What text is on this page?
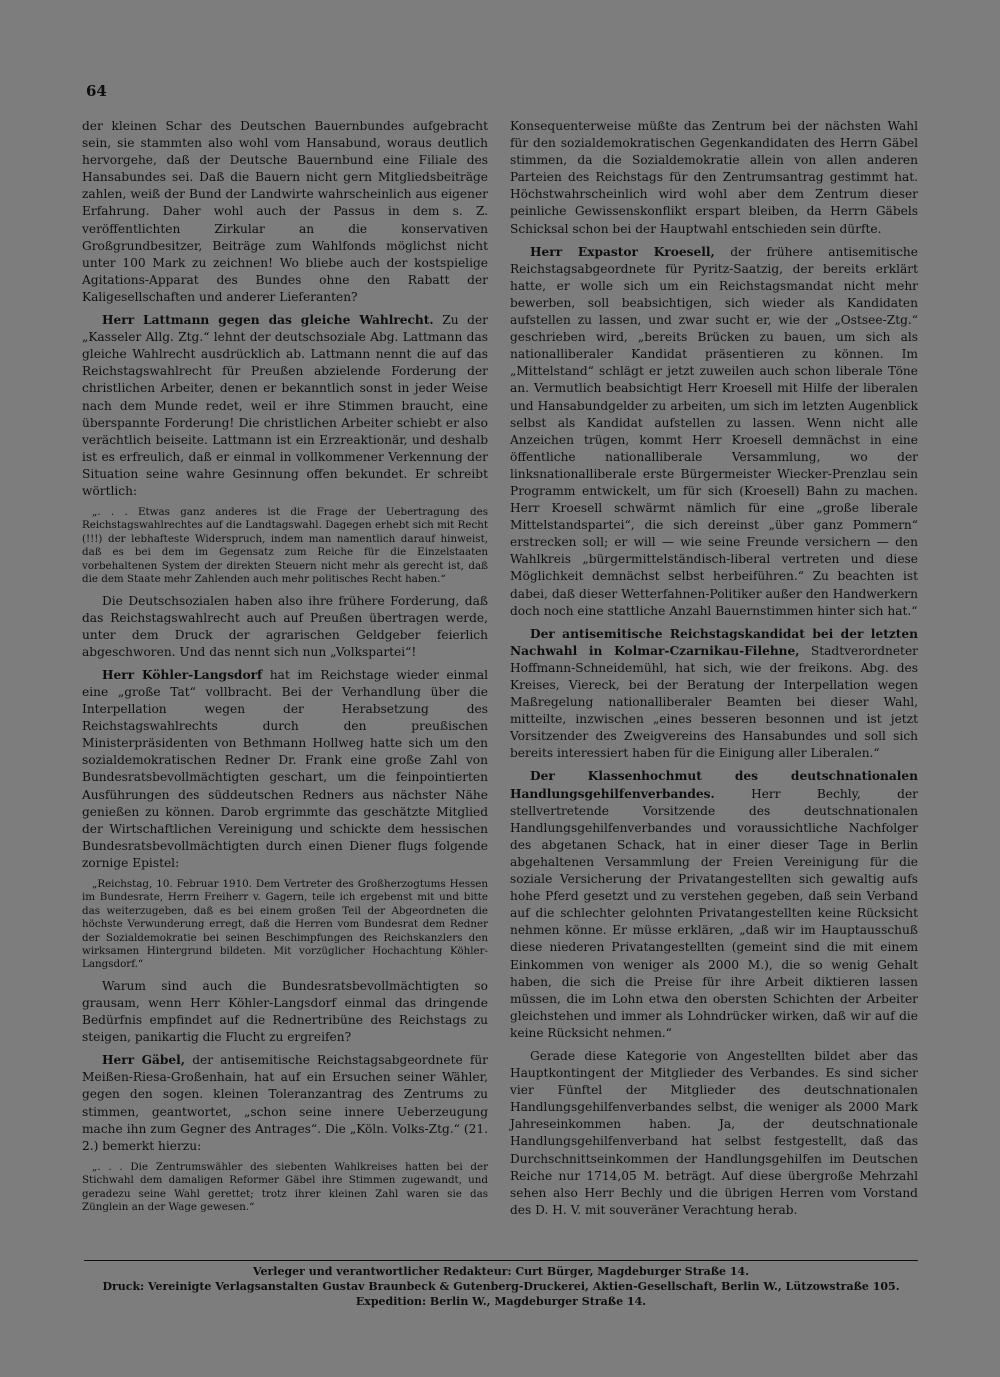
64

der kleinen Schar des Deutschen Bauernbundes aufgebracht sein, sie stammten also wohl vom Hansabund, woraus deutlich hervorgehe, daß der Deutsche Bauernbund eine Filiale des Hansabundes sei. Daß die Bauern nicht gern Mitgliedsbeiträge zahlen, weiß der Bund der Landwirte wahrscheinlich aus eigener Erfahrung. Daher wohl auch der Passus in dem s. Z. veröffentlichten Zirkular an die konservativen Großgrundbesitzer, Beiträge zum Wahlfonds möglichst nicht unter 100 Mark zu zeichnen! Wo bliebe auch der kostspielige Agitations-Apparat des Bundes ohne den Rabatt der Kaligesellschaften und anderer Lieferanten?

Herr Lattmann gegen das gleiche Wahlrecht. Zu der „Kasseler Allg. Ztg.“ lehnt der deutschsoziale Abg. Lattmann das gleiche Wahlrecht ausdrücklich ab. Lattmann nennt die auf das Reichstagswahlrecht für Preußen abzielende Forderung der christlichen Arbeiter, denen er bekanntlich sonst in jeder Weise nach dem Munde redet, weil er ihre Stimmen braucht, eine überspannte Forderung! Die christlichen Arbeiter schiebt er also verächtlich beiseite. Lattmann ist ein Erzreaktionär, und deshalb ist es erfreulich, daß er einmal in vollkommener Verkennung der Situation seine wahre Gesinnung offen bekundet. Er schreibt wörtlich:

„. . . Etwas ganz anderes ist die Frage der Uebertragung des Reichstagswahlrechtes auf die Landtagswahl. Dagegen erhebt sich mit Recht (!!!) der lebhafteste Widerspruch, indem man namentlich darauf hinweist, daß es bei dem im Gegensatz zum Reiche für die Einzelstaaten vorbehaltenen System der direkten Steuern nicht mehr als gerecht ist, daß die dem Staate mehr Zahlenden auch mehr politisches Recht haben.“

Die Deutschsozialen haben also ihre frühere Forderung, daß das Reichstagswahlrecht auch auf Preußen übertragen werde, unter dem Druck der agrarischen Geldgeber feierlich abgeschworen. Und das nennt sich nun „Volkspartei“!

Herr Köhler-Langsdorf hat im Reichstage wieder einmal eine „große Tat“ vollbracht. Bei der Verhandlung über die Interpellation wegen der Herabsetzung des Reichstagswahlrechts durch den preußischen Ministerpräsidenten von Bethmann Hollweg hatte sich um den sozialdemokratischen Redner Dr. Frank eine große Zahl von Bundesratsbevollmächtigten geschart, um die feinpointierten Ausführungen des süddeutschen Redners aus nächster Nähe genießen zu können. Darob ergrimmte das geschätzte Mitglied der Wirtschaftlichen Vereinigung und schickte dem hessischen Bundesratsbevollmächtigten durch einen Diener flugs folgende zornige Epistel:

„Reichstag, 10. Februar 1910. Dem Vertreter des Großherzogtums Hessen im Bundesrate, Herrn Freiherr v. Gagern, teile ich ergebenst mit und bitte das weiterzugeben, daß es bei einem großen Teil der Abgeordneten die höchste Verwunderung erregt, daß die Herren vom Bundesrat dem Redner der Sozialdemokratie bei seinen Beschimpfungen des Reichskanzlers den wirksamen Hintergrund bildeten. Mit vorzüglicher Hochachtung Köhler-Langsdorf.“

Warum sind auch die Bundesratsbevollmächtigten so grausam, wenn Herr Köhler-Langsdorf einmal das dringende Bedürfnis empfindet auf die Rednertribüne des Reichstags zu steigen, panikartig die Flucht zu ergreifen?

Herr Gäbel, der antisemitische Reichstagsabgeordnete für Meißen-Riesa-Großenhain, hat auf ein Ersuchen seiner Wähler, gegen den sogen. kleinen Toleranzantrag des Zentrums zu stimmen, geantwortet, „schon seine innere Ueberzeugung mache ihn zum Gegner des Antrages“. Die „Köln. Volks-Ztg.“ (21. 2.) bemerkt hierzu:

„. . . Die Zentrumswähler des siebenten Wahlkreises hatten bei der Stichwahl dem damaligen Reformer Gäbel ihre Stimmen zugewandt, und geradezu seine Wahl gerettet; trotz ihrer kleinen Zahl waren sie das Zünglein an der Wage gewesen.“

Konsequenterweise müßte das Zentrum bei der nächsten Wahl für den sozialdemokratischen Gegenkandidaten des Herrn Gäbel stimmen, da die Sozialdemokratie allein von allen anderen Parteien des Reichstags für den Zentrumsantrag gestimmt hat. Höchstwahrscheinlich wird wohl aber dem Zentrum dieser peinliche Gewissenskonflikt erspart bleiben, da Herrn Gäbels Schicksal schon bei der Hauptwahl entschieden sein dürfte.

Herr Expastor Kroesell, der frühere antisemitische Reichstagsabgeordnete für Pyritz-Saatzig, der bereits erklärt hatte, er wolle sich um ein Reichstagsmandat nicht mehr bewerben, soll beabsichtigen, sich wieder als Kandidaten aufstellen zu lassen, und zwar sucht er, wie der „Ostsee-Ztg.“ geschrieben wird, „bereits Brücken zu bauen, um sich als nationalliberaler Kandidat präsentieren zu können. Im „Mittelstand“ schlägt er jetzt zuweilen auch schon liberale Töne an. Vermutlich beabsichtigt Herr Kroesell mit Hilfe der liberalen und Hansabundgelder zu arbeiten, um sich im letzten Augenblick selbst als Kandidat aufstellen zu lassen. Wenn nicht alle Anzeichen trügen, kommt Herr Kroesell demnächst in eine öffentliche nationalliberale Versammlung, wo der linksnationalliberale erste Bürgermeister Wiecker-Prenzlau sein Programm entwickelt, um für sich (Kroesell) Bahn zu machen. Herr Kroesell schwärmt nämlich für eine „große liberale Mittelstandspartei“, die sich dereinst „über ganz Pommern“ erstrecken soll; er will — wie seine Freunde versichern — den Wahlkreis „bürgermittelständisch-liberal vertreten und diese Möglichkeit demnächst selbst herbeiführen.“ Zu beachten ist dabei, daß dieser Wetterfahnen-Politiker außer den Handwerkern doch noch eine stattliche Anzahl Bauernstimmen hinter sich hat.“

Der antisemitische Reichstagskandidat bei der letzten Nachwahl in Kolmar-Czarnikau-Filehne, Stadtverordneter Hoffmann-Schneidemühl, hat sich, wie der freikons. Abg. des Kreises, Viereck, bei der Beratung der Interpellation wegen Maßregelung nationalliberaler Beamten bei dieser Wahl, mitteilte, inzwischen „eines besseren besonnen und ist jetzt Vorsitzender des Zweigvereins des Hansabundes und soll sich bereits interessiert haben für die Einigung aller Liberalen.“

Der Klassenhochmut des deutschnationalen Handlungsgehilfenverbandes.	Herr Bechly, der stellvertretende Vorsitzende des deutschnationalen Handlungsgehilfenverbandes und voraussichtliche Nachfolger des abgetanen Schack, hat in einer dieser Tage in Berlin abgehaltenen Versammlung der Freien Vereinigung für die soziale Versicherung der Privatangestellten sich gewaltig aufs hohe Pferd gesetzt und zu verstehen gegeben, daß sein Verband auf die schlechter gelohnten Privatangestellten keine Rücksicht nehmen könne. Er müsse erklären, „daß wir im Hauptausschuß diese niederen Privatangestellten (gemeint sind die mit einem Einkommen von weniger als 2000 M.), die so wenig Gehalt haben, die sich die Preise für ihre Arbeit diktieren lassen müssen, die im Lohn etwa den obersten Schichten der Arbeiter gleichstehen und immer als Lohndrücker wirken, daß wir auf die keine Rücksicht nehmen.“

Gerade diese Kategorie von Angestellten bildet aber das Hauptkontingent der Mitglieder des Verbandes. Es sind sicher vier Fünftel der Mitglieder des deutschnationalen Handlungsgehilfenverbandes selbst, die weniger als 2000 Mark Jahreseinkommen haben. Ja, der deutschnationale Handlungsgehilfenverband hat selbst festgestellt, daß das Durchschnittseinkommen der Handlungsgehilfen im Deutschen Reiche nur 1714,05 M. beträgt. Auf diese übergroße Mehrzahl sehen also Herr Bechly und die übrigen Herren vom Vorstand des D. H. V. mit souveräner Verachtung herab.

Verleger und verantwortlicher Redakteur: Curt Bürger, Magdeburger Straße 14.
Druck: Vereinigte Verlagsanstalten Gustav Braunbeck & Gutenberg-Druckerei, Aktien-Gesellschaft, Berlin W., Lützowstraße 105.
Expedition: Berlin W., Magdeburger Straße 14.
